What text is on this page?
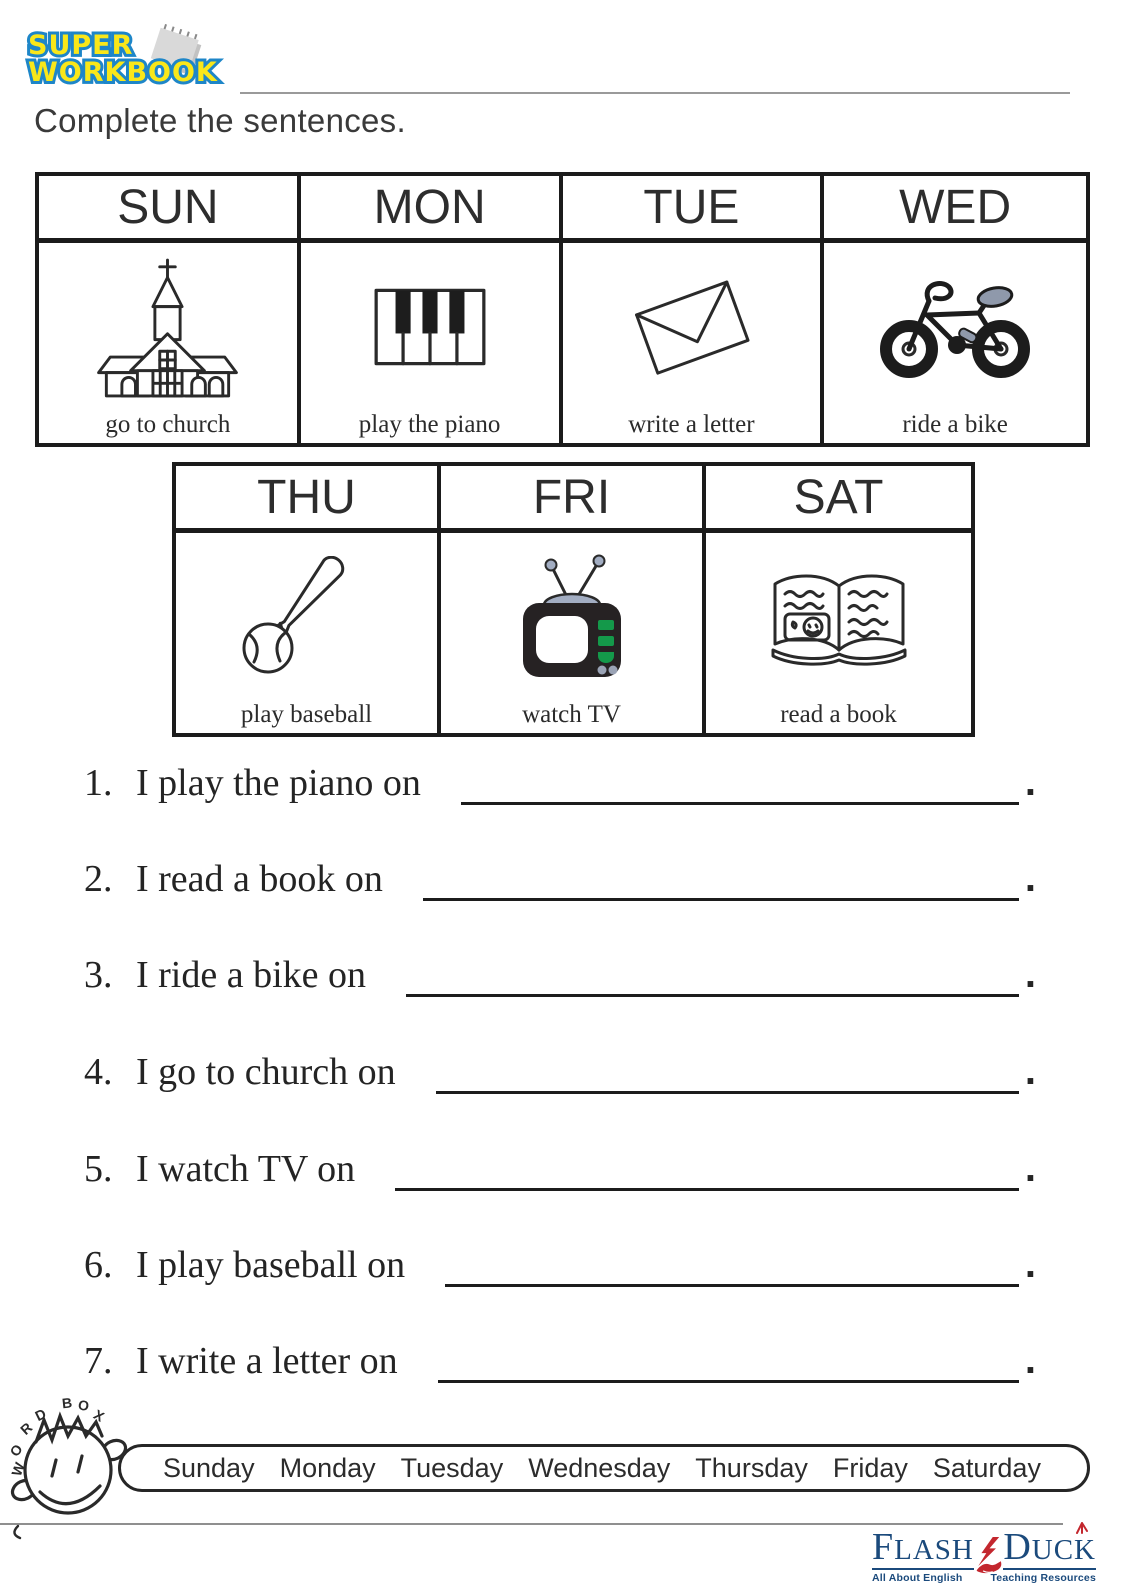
SUPER
WORKBOOK
Complete the sentences.
SUN	MON	TUE	WED
go to church	play the piano	write a letter	ride a bike
THU	FRI	SAT
play baseball	watch TV	read a book
1. I play the piano on	.
2. I read a book on	.
3. I ride a bike on	.
4. I go to church on	.
5. I watch TV on	.
6. I play baseball on	.
7. I write a letter on	.
W
O
R
D
B O
X
Sunday Monday Tuesday Wednesday Thursday Friday Saturday
FLASH DUCK
All About English	Teaching Resources
